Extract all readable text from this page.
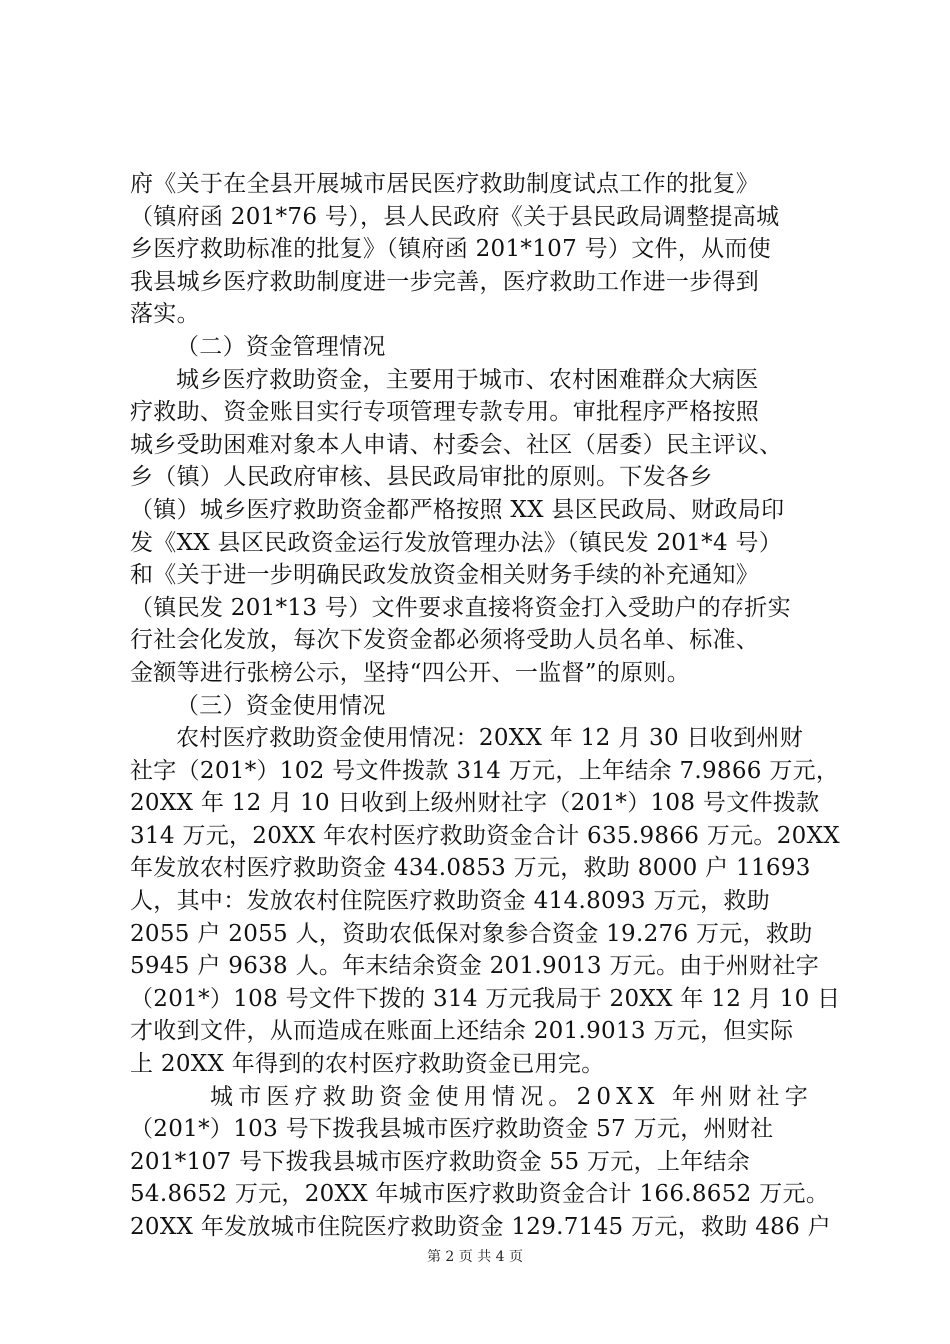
府《关于在全县开展城市居民医疗救助制度试点工作的批复》
（镇府函 201*76 号），县人民政府《关于县民政局调整提高城
乡医疗救助标准的批复》（镇府函 201*107 号）文件，从而使
我县城乡医疗救助制度进一步完善，医疗救助工作进一步得到
落实。
（二）资金管理情况
城乡医疗救助资金，主要用于城市、农村困难群众大病医
疗救助、资金账目实行专项管理专款专用。审批程序严格按照
城乡受助困难对象本人申请、村委会、社区（居委）民主评议、
乡（镇）人民政府审核、县民政局审批的原则。下发各乡
（镇）城乡医疗救助资金都严格按照 XX 县区民政局、财政局印
发《XX 县区民政资金运行发放管理办法》（镇民发 201*4 号）
和《关于进一步明确民政发放资金相关财务手续的补充通知》
（镇民发 201*13 号）文件要求直接将资金打入受助户的存折实
行社会化发放，每次下发资金都必须将受助人员名单、标准、
金额等进行张榜公示，坚持“四公开、一监督”的原则。
（三）资金使用情况
农村医疗救助资金使用情况：20XX 年 12 月 30 日收到州财
社字（201*）102 号文件拨款 314 万元，上年结余 7.9866 万元，
20XX 年 12 月 10 日收到上级州财社字（201*）108 号文件拨款
314 万元，20XX 年农村医疗救助资金合计 635.9866 万元。20XX
年发放农村医疗救助资金 434.0853 万元，救助 8000 户 11693
人，其中：发放农村住院医疗救助资金 414.8093 万元，救助
2055 户 2055 人，资助农低保对象参合资金 19.276 万元，救助
5945 户 9638 人。年末结余资金 201.9013 万元。由于州财社字
（201*）108 号文件下拨的 314 万元我局于 20XX 年 12 月 10 日
才收到文件，从而造成在账面上还结余 201.9013 万元，但实际
上 20XX 年得到的农村医疗救助资金已用完。
城市医疗救助资金使用情况。20XX 年州财社字
（201*）103 号下拨我县城市医疗救助资金 57 万元，州财社
201*107 号下拨我县城市医疗救助资金 55 万元，上年结余
54.8652 万元，20XX 年城市医疗救助资金合计 166.8652 万元。
20XX 年发放城市住院医疗救助资金 129.7145 万元，救助 486 户
第 2 页 共 4 页
